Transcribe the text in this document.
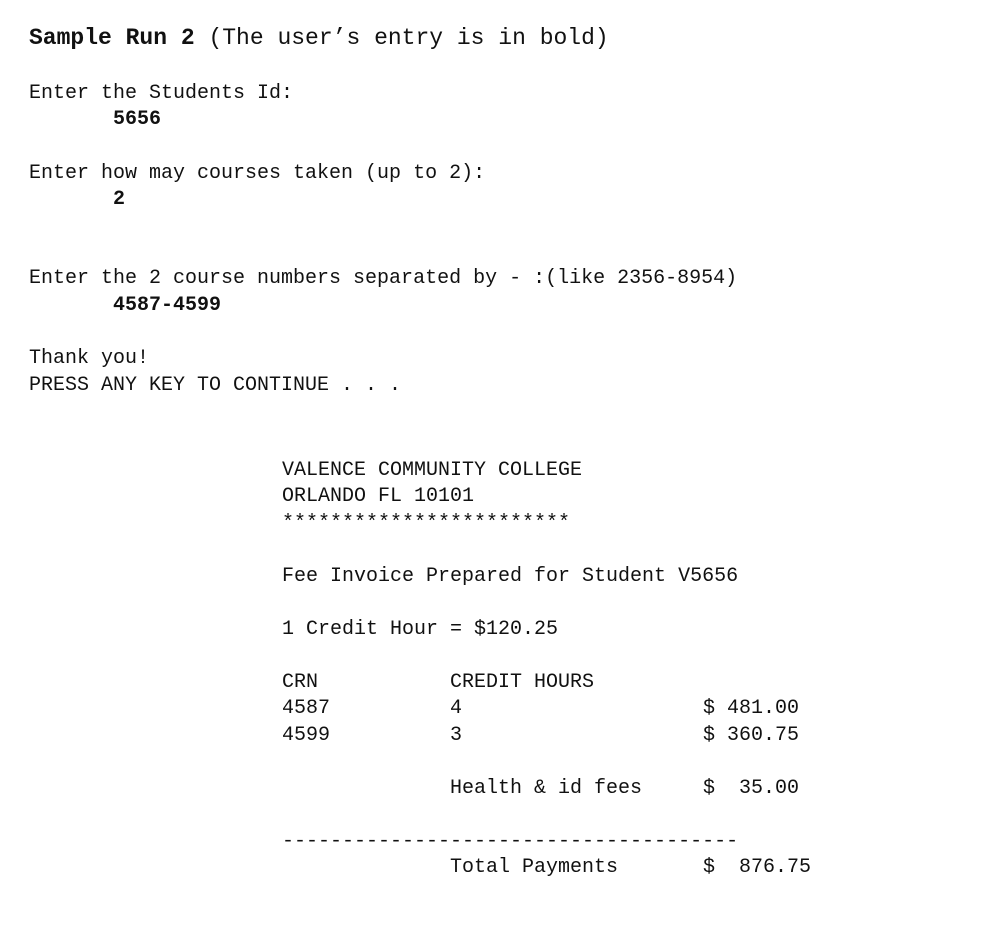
Sample Run 2 (The user’s entry is in bold)
Enter the Students Id:
5656
Enter how may courses taken (up to 2):
2
Enter the 2 course numbers separated by - :(like 2356-8954)
4587-4599
Thank you!
PRESS ANY KEY TO CONTINUE . . .
VALENCE COMMUNITY COLLEGE
ORLANDO FL 10101
************************
Fee Invoice Prepared for Student V5656
1 Credit Hour = $120.25
CRN	CREDIT HOURS
4587	4	$ 481.00
4599	3	$ 360.75
Health & id fees	$  35.00
--------------------------------------
Total Payments	$  876.75
